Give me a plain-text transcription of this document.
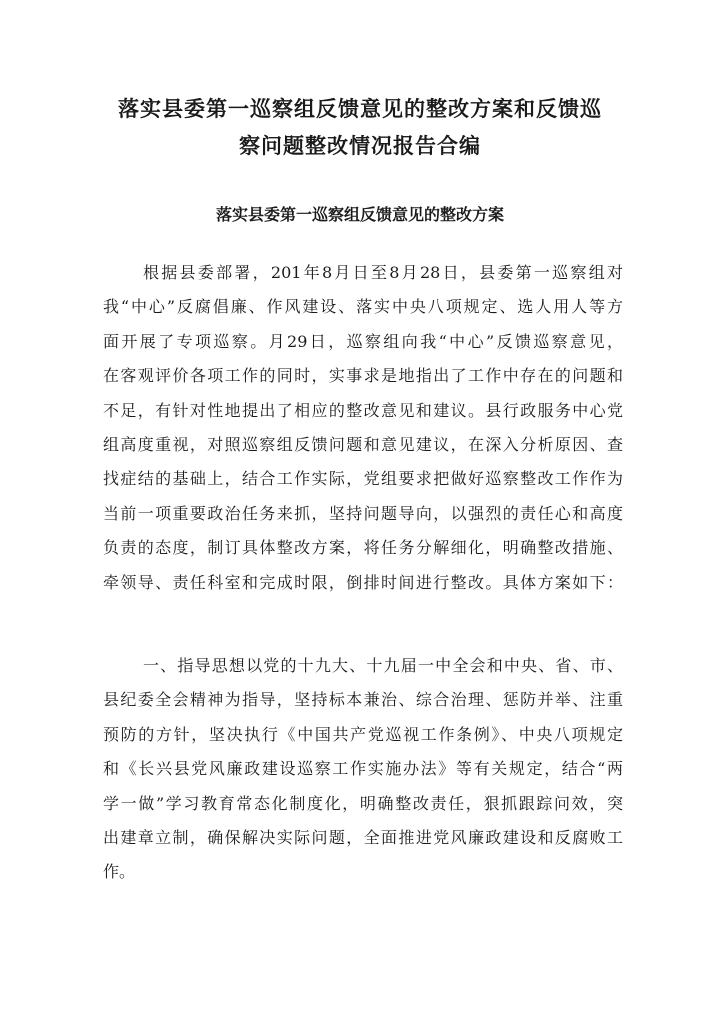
落实县委第一巡察组反馈意见的整改方案和反馈巡
察问题整改情况报告合编
落实县委第一巡察组反馈意见的整改方案
根据县委部署，201年8月日至8月28日，县委第一巡察组对
我“中心”反腐倡廉、作风建设、落实中央八项规定、选人用人等方
面开展了专项巡察。月29日，巡察组向我“中心”反馈巡察意见，
在客观评价各项工作的同时，实事求是地指出了工作中存在的问题和
不足，有针对性地提出了相应的整改意见和建议。县行政服务中心党
组高度重视，对照巡察组反馈问题和意见建议，在深入分析原因、查
找症结的基础上，结合工作实际，党组要求把做好巡察整改工作作为
当前一项重要政治任务来抓，坚持问题导向，以强烈的责任心和高度
负责的态度，制订具体整改方案，将任务分解细化，明确整改措施、
牵领导、责任科室和完成时限，倒排时间进行整改。具体方案如下：
一、指导思想以党的十九大、十九届一中全会和中央、省、市、
县纪委全会精神为指导，坚持标本兼治、综合治理、惩防并举、注重
预防的方针，坚决执行《中国共产党巡视工作条例》、中央八项规定
和《长兴县党风廉政建设巡察工作实施办法》等有关规定，结合“两
学一做”学习教育常态化制度化，明确整改责任，狠抓跟踪问效，突
出建章立制，确保解决实际问题，全面推进党风廉政建设和反腐败工
作。
